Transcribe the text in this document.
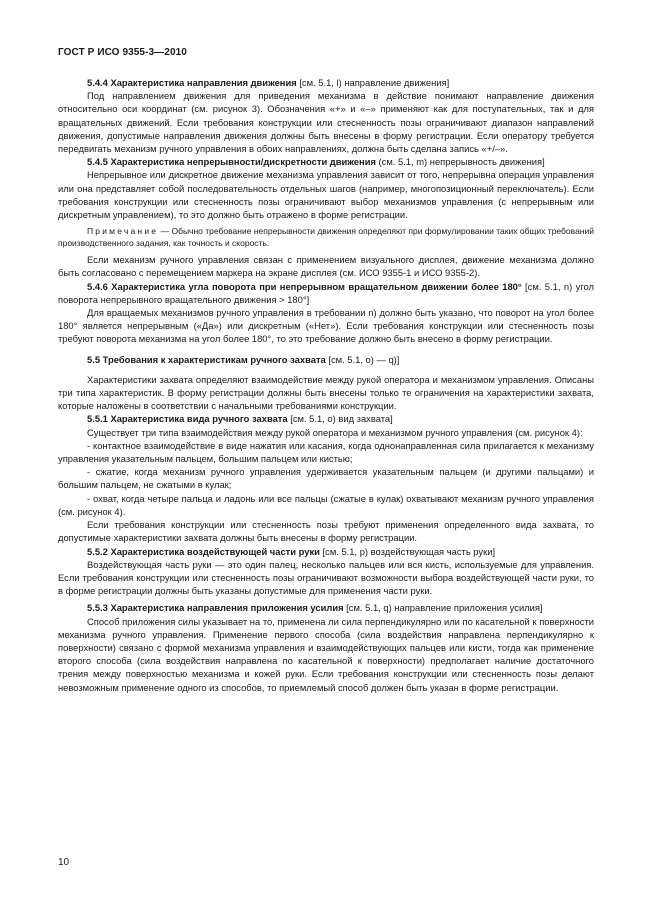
ГОСТ Р ИСО 9355-3—2010

5.4.4 Характеристика направления движения [см. 5.1, l) направление движения]

Под направлением движения для приведения механизма в действие понимают направление движения относительно оси координат (см. рисунок 3). Обозначения «+» и «–» применяют как для поступательных, так и для вращательных движений. Если требования конструкции или стесненность позы ограничивают диапазон направлений движения, допустимые направления движения должны быть внесены в форму регистрации. Если оператору требуется передвигать механизм ручного управления в обоих направлениях, должна быть сделана запись «+/–».

5.4.5 Характеристика непрерывности/дискретности движения (см. 5.1, m) непрерывность движения]

Непрерывное или дискретное движение механизма управления зависит от того, непрерывна операция управления или она представляет собой последовательность отдельных шагов (например, многопозиционный переключатель). Если требования конструкции или стесненность позы ограничивают выбор механизмов управления (с непрерывным или дискретным управлением), то это должно быть отражено в форме регистрации.

Примечание — Обычно требование непрерывности движения определяют при формулировании таких общих требований производственного задания, как точность и скорость.

Если механизм ручного управления связан с применением визуального дисплея, движение механизма должно быть согласовано с перемещением маркера на экране дисплея (см. ИСО 9355-1 и ИСО 9355-2).

5.4.6 Характеристика угла поворота при непрерывном вращательном движении более 180° [см. 5.1, n) угол поворота непрерывного вращательного движения > 180°]

Для вращаемых механизмов ручного управления в требовании n) должно быть указано, что поворот на угол более 180° является непрерывным («Да») или дискретным («Нет»). Если требования конструкции или стесненность позы требуют поворота механизма на угол более 180°, то это требование должно быть внесено в форму регистрации.

5.5 Требования к характеристикам ручного захвата [см. 5.1, o) — q)]

Характеристики захвата определяют взаимодействие между рукой оператора и механизмом управления. Описаны три типа характеристик. В форму регистрации должны быть внесены только те ограничения на характеристики захвата, которые наложены в соответствии с начальными требованиями конструкции.

5.5.1 Характеристика вида ручного захвата [см. 5.1, o) вид захвата]

Существует три типа взаимодействия между рукой оператора и механизмом ручного управления (см. рисунок 4):

- контактное взаимодействие в виде нажатия или касания, когда однонаправленная сила прилагается к механизму управления указательным пальцем, большим пальцем или кистью;

- сжатие, когда механизм ручного управления удерживается указательным пальцем (и другими пальцами) и большим пальцем, не сжатыми в кулак;

- охват, когда четыре пальца и ладонь или все пальцы (сжатые в кулак) охватывают механизм ручного управления (см. рисунок 4).

Если требования конструкции или стесненность позы требуют применения определенного вида захвата, то допустимые характеристики захвата должны быть внесены в форму регистрации.

5.5.2 Характеристика воздействующей части руки [см. 5.1, p) воздействующая часть руки]

Воздействующая часть руки — это один палец, несколько пальцев или вся кисть, используемые для управления. Если требования конструкции или стесненность позы ограничивают возможности выбора воздействующей части руки, то в форме регистрации должны быть указаны допустимые для применения части руки.

5.5.3 Характеристика направления приложения усилия [см. 5.1, q) направление приложения усилия]

Способ приложения силы указывает на то, применена ли сила перпендикулярно или по касательной к поверхности механизма ручного управления. Применение первого способа (сила воздействия направлена перпендикулярно к поверхности) связано с формой механизма управления и взаимодействующих пальцев или кисти, тогда как применение второго способа (сила воздействия направлена по касательной к поверхности) предполагает наличие достаточного трения между поверхностью механизма и кожей руки. Если требования конструкции или стесненность позы делают невозможным применение одного из способов, то приемлемый способ должен быть указан в форме регистрации.

10
